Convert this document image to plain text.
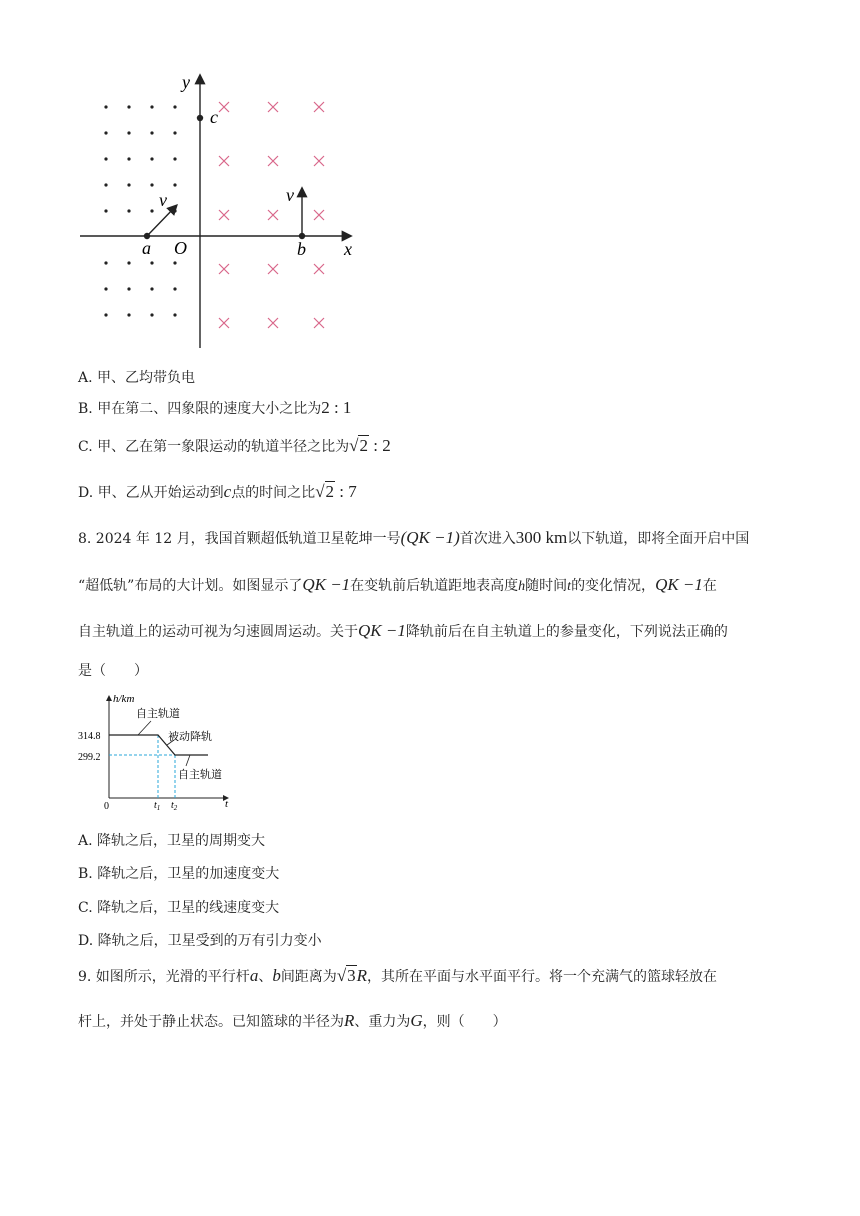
x
y
O
a
v
b
v
c
A. 甲、乙均带负电
B. 甲在第二、四象限的速度大小之比为2 : 1
C. 甲、乙在第一象限运动的轨道半径之比为√2 : 2
D. 甲、乙从开始运动到c点的时间之比√2 : 7
8. 2024 年 12 月，我国首颗超低轨道卫星乾坤一号(QK −1)首次进入300 km以下轨道，即将全面开启中国
“超低轨”布局的大计划。如图显示了QK −1在变轨前后轨道距地表高度h随时间t的变化情况，QK −1在
自主轨道上的运动可视为匀速圆周运动。关于QK −1降轨前后在自主轨道上的参量变化，下列说法正确的
是（　　）
h/km
t
0
314.8
299.2
自主轨道
被动降轨
自主轨道
$t_1$ $t_2$
A. 降轨之后，卫星的周期变大
B. 降轨之后，卫星的加速度变大
C. 降轨之后，卫星的线速度变大
D. 降轨之后，卫星受到的万有引力变小
9. 如图所示，光滑的平行杆a、b间距离为√3R，其所在平面与水平面平行。将一个充满气的篮球轻放在
杆上，并处于静止状态。已知篮球的半径为R、重力为G，则（　　）
